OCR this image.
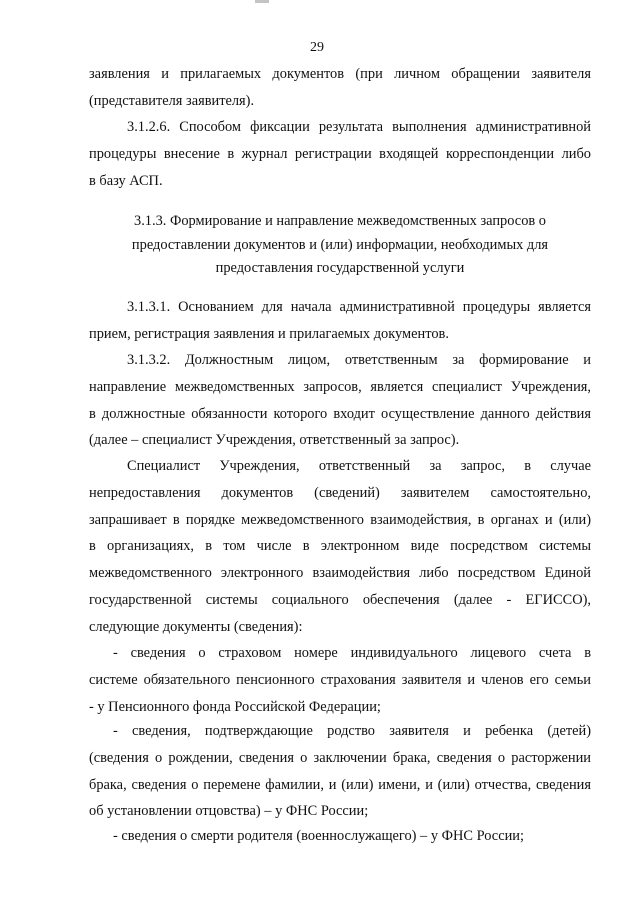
29
заявления и прилагаемых документов (при личном обращении заявителя
(представителя заявителя).
3.1.2.6. Способом фиксации результата выполнения административной
процедуры внесение в журнал регистрации входящей корреспонденции либо
в базу АСП.
3.1.3. Формирование и направление межведомственных запросов о
предоставлении документов и (или) информации, необходимых для
предоставления государственной услуги
3.1.3.1. Основанием для начала административной процедуры является
прием, регистрация заявления и прилагаемых документов.
3.1.3.2. Должностным лицом, ответственным за формирование и
направление межведомственных запросов, является специалист Учреждения,
в должностные обязанности которого входит осуществление данного действия
(далее – специалист Учреждения, ответственный за запрос).
Специалист Учреждения, ответственный за запрос, в случае
непредоставления документов (сведений) заявителем самостоятельно,
запрашивает в порядке межведомственного взаимодействия, в органах и (или)
в организациях, в том числе в электронном виде посредством системы
межведомственного электронного взаимодействия либо посредством Единой
государственной системы социального обеспечения (далее - ЕГИССО),
следующие документы (сведения):
- сведения о страховом номере индивидуального лицевого счета в
системе обязательного пенсионного страхования заявителя и членов его семьи
- у Пенсионного фонда Российской Федерации;
- сведения, подтверждающие родство заявителя и ребенка (детей)
(сведения о рождении, сведения о заключении брака, сведения о расторжении
брака, сведения о перемене фамилии, и (или) имени, и (или) отчества, сведения
об установлении отцовства) – у ФНС России;
- сведения о смерти родителя (военнослужащего) – у ФНС России;
